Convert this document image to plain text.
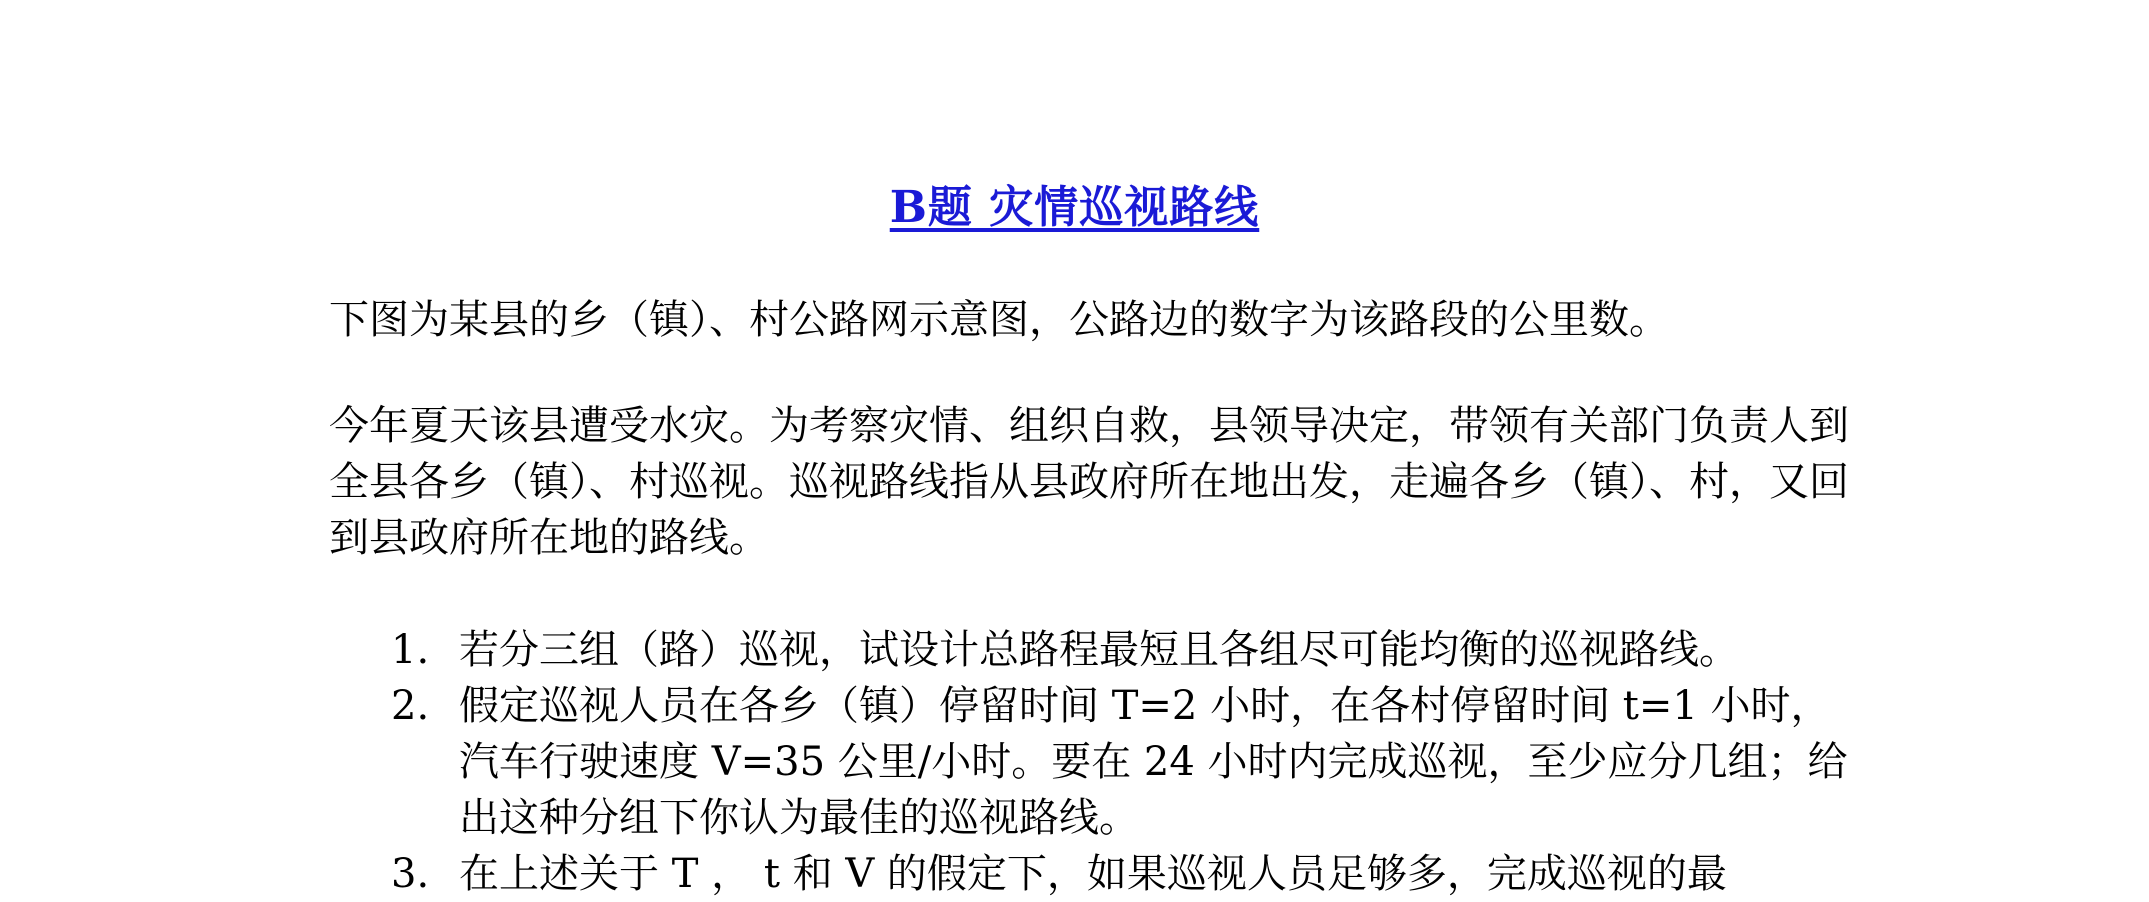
B题 灾情巡视路线

下图为某县的乡（镇）、村公路网示意图，公路边的数字为该路段的公里数。

今年夏天该县遭受水灾。为考察灾情、组织自救，县领导决定，带领有关部门负责人到全县各乡（镇）、村巡视。巡视路线指从县政府所在地出发，走遍各乡（镇）、村，又回到县政府所在地的路线。

1. 若分三组（路）巡视，试设计总路程最短且各组尽可能均衡的巡视路线。
2. 假定巡视人员在各乡（镇）停留时间 T=2 小时，在各村停留时间 t=1 小时，汽车行驶速度 V=35 公里/小时。要在 24 小时内完成巡视，至少应分几组；给出这种分组下你认为最佳的巡视路线。
3. 在上述关于 T ， t 和 V 的假定下，如果巡视人员足够多，完成巡视的最
